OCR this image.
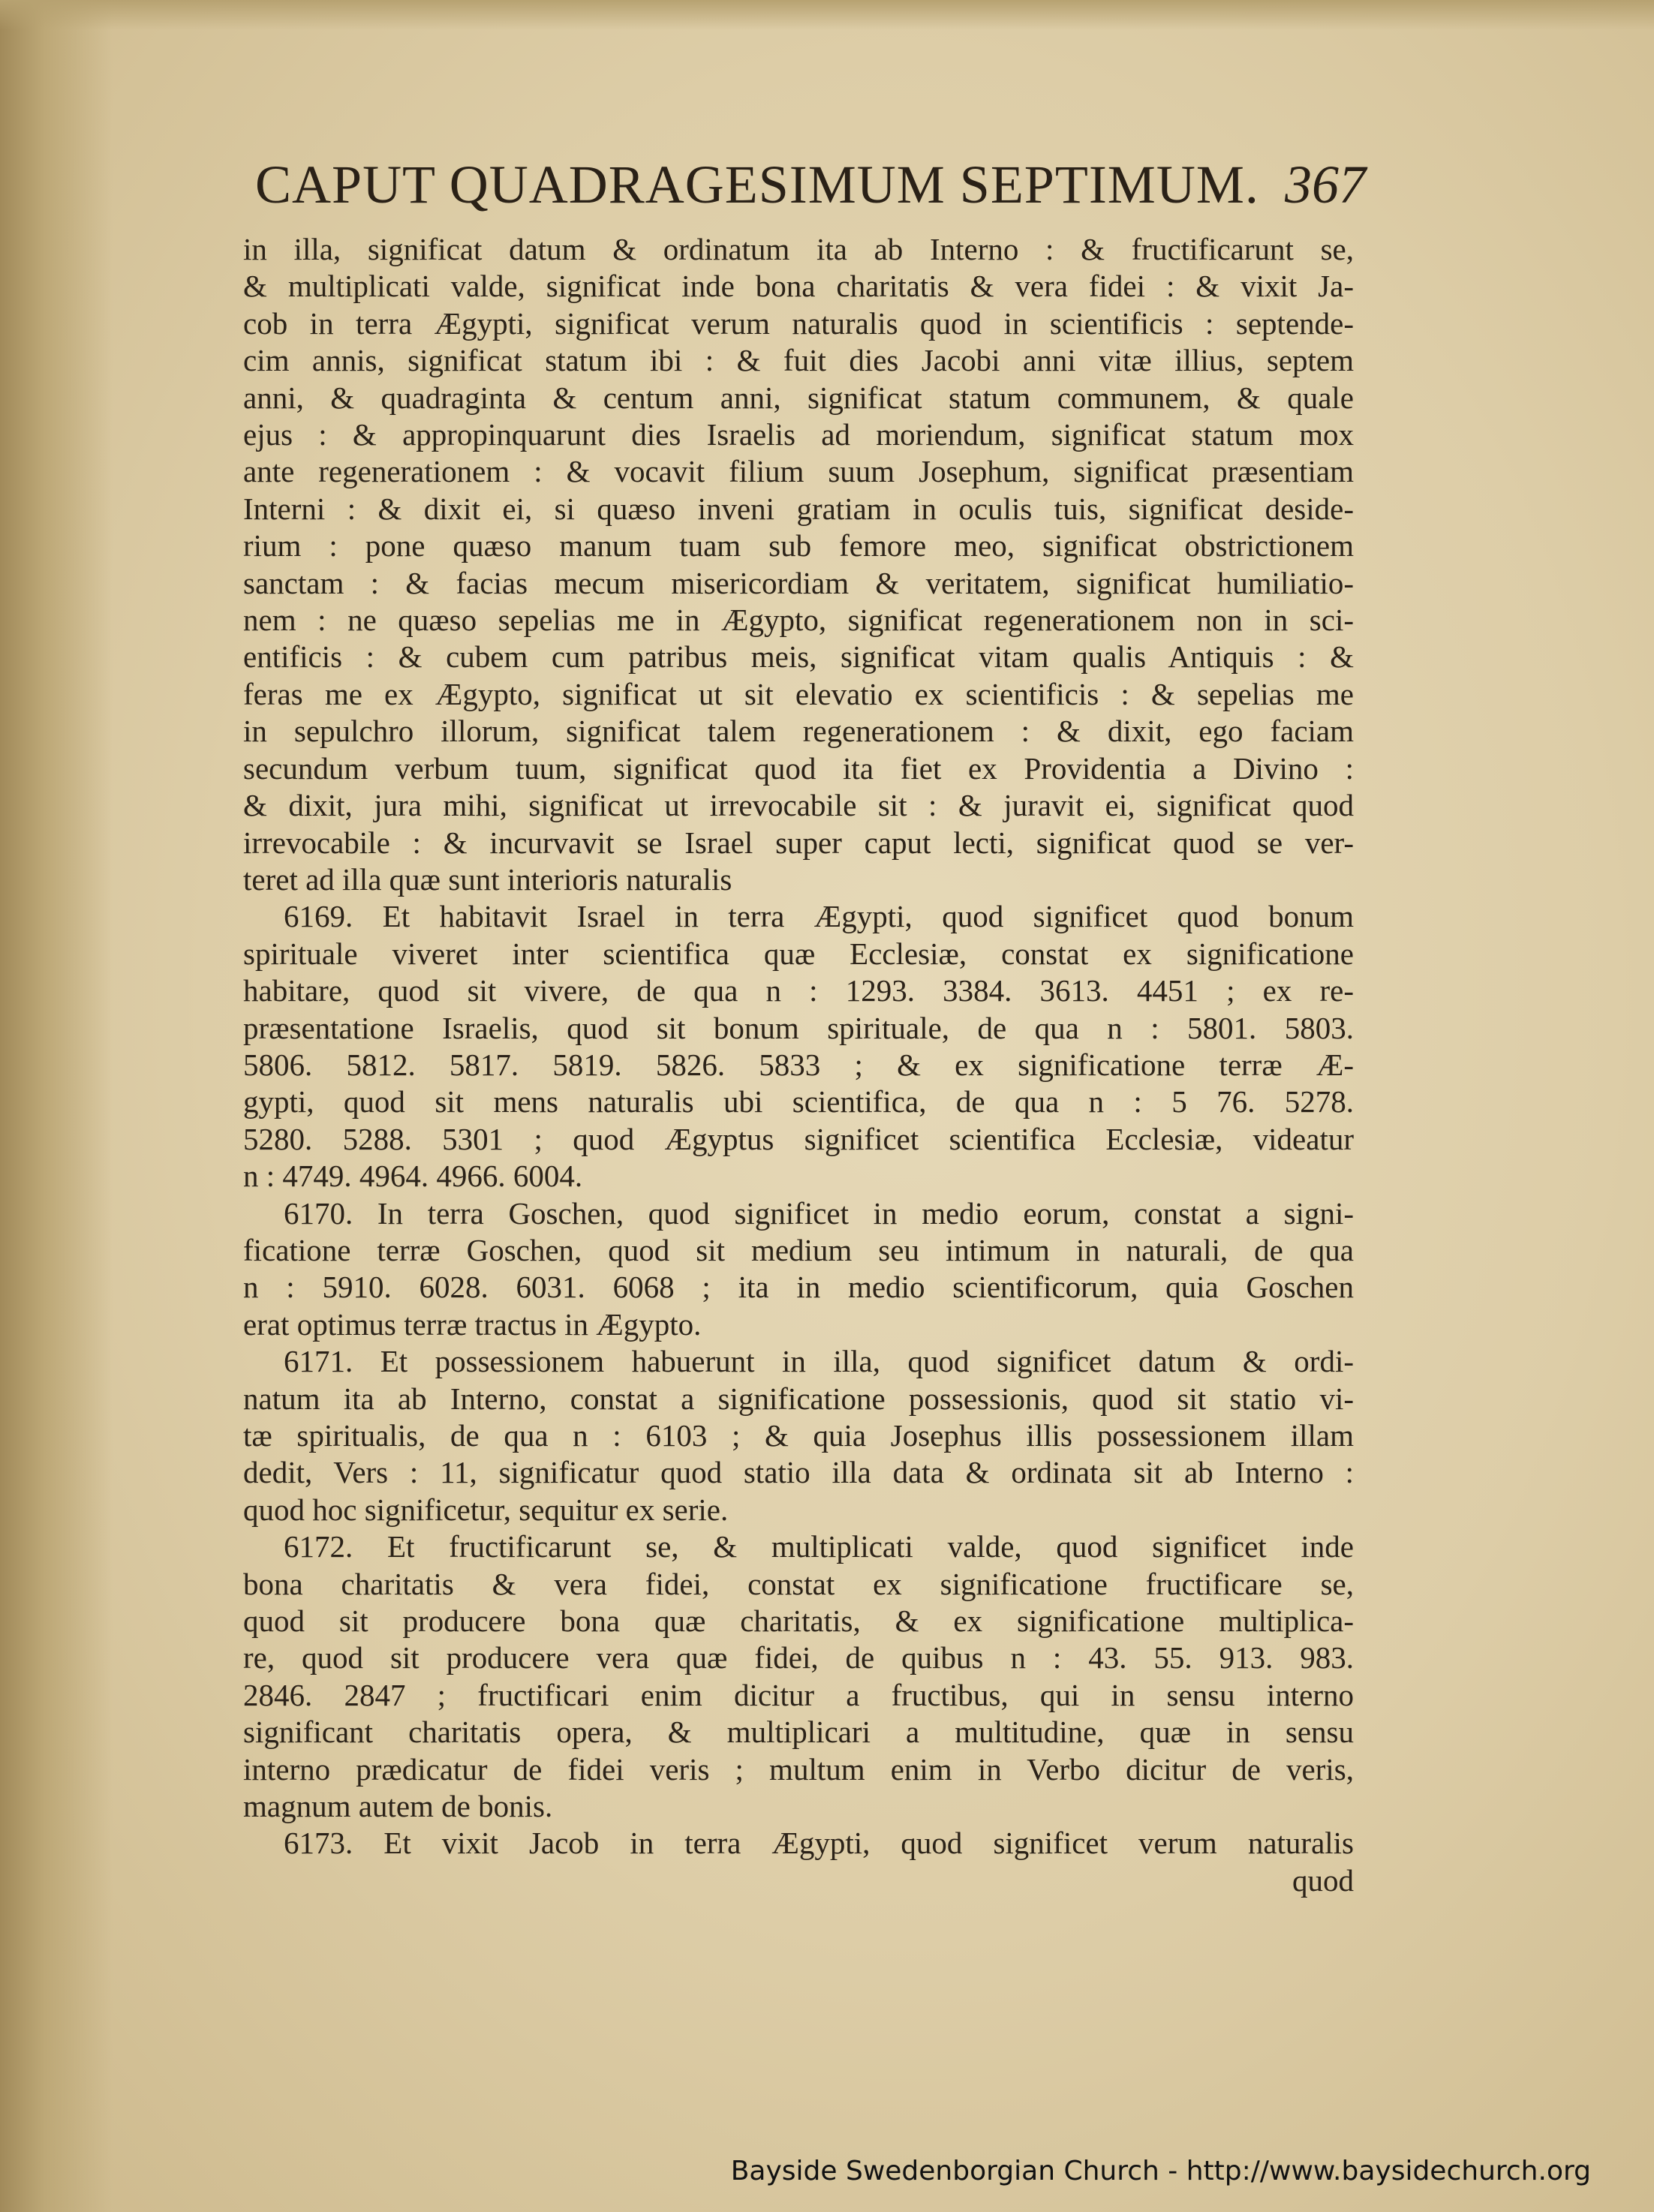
CAPUT QUADRAGESIMUM SEPTIMUM. 367
in illa, significat datum & ordinatum ita ab Interno : & fructificarunt se,
& multiplicati valde, significat inde bona charitatis & vera fidei : & vixit Ja-
cob in terra Ægypti, significat verum naturalis quod in scientificis : septende-
cim annis, significat statum ibi : & fuit dies Jacobi anni vitæ illius, septem
anni, & quadraginta & centum anni, significat statum communem, & quale
ejus : & appropinquarunt dies Israelis ad moriendum, significat statum mox
ante regenerationem : & vocavit filium suum Josephum, significat præsentiam
Interni : & dixit ei, si quæso inveni gratiam in oculis tuis, significat deside-
rium : pone quæso manum tuam sub femore meo, significat obstrictionem
sanctam : & facias mecum misericordiam & veritatem, significat humiliatio-
nem : ne quæso sepelias me in Ægypto, significat regenerationem non in sci-
entificis : & cubem cum patribus meis, significat vitam qualis Antiquis : &
feras me ex Ægypto, significat ut sit elevatio ex scientificis : & sepelias me
in sepulchro illorum, significat talem regenerationem : & dixit, ego faciam
secundum verbum tuum, significat quod ita fiet ex Providentia a Divino :
& dixit, jura mihi, significat ut irrevocabile sit : & juravit ei, significat quod
irrevocabile : & incurvavit se Israel super caput lecti, significat quod se ver-
teret ad illa quæ sunt interioris naturalis
6169. Et habitavit Israel in terra Ægypti, quod significet quod bonum
spirituale viveret inter scientifica quæ Ecclesiæ, constat ex significatione
habitare, quod sit vivere, de qua n : 1293. 3384. 3613. 4451 ; ex re-
præsentatione Israelis, quod sit bonum spirituale, de qua n : 5801. 5803.
5806. 5812. 5817. 5819. 5826. 5833 ; & ex significatione terræ Æ-
gypti, quod sit mens naturalis ubi scientifica, de qua n : 5 76. 5278.
5280. 5288. 5301 ; quod Ægyptus significet scientifica Ecclesiæ, videatur
n : 4749. 4964. 4966. 6004.
6170. In terra Goschen, quod significet in medio eorum, constat a signi-
ficatione terræ Goschen, quod sit medium seu intimum in naturali, de qua
n : 5910. 6028. 6031. 6068 ; ita in medio scientificorum, quia Goschen
erat optimus terræ tractus in Ægypto.
6171. Et possessionem habuerunt in illa, quod significet datum & ordi-
natum ita ab Interno, constat a significatione possessionis, quod sit statio vi-
tæ spiritualis, de qua n : 6103 ; & quia Josephus illis possessionem illam
dedit, Vers : 11, significatur quod statio illa data & ordinata sit ab Interno :
quod hoc significetur, sequitur ex serie.
6172. Et fructificarunt se, & multiplicati valde, quod significet inde
bona charitatis & vera fidei, constat ex significatione fructificare se,
quod sit producere bona quæ charitatis, & ex significatione multiplica-
re, quod sit producere vera quæ fidei, de quibus n : 43. 55. 913. 983.
2846. 2847 ; fructificari enim dicitur a fructibus, qui in sensu interno
significant charitatis opera, & multiplicari a multitudine, quæ in sensu
interno prædicatur de fidei veris ; multum enim in Verbo dicitur de veris,
magnum autem de bonis.
6173. Et vixit Jacob in terra Ægypti, quod significet verum naturalis
quod
Bayside Swedenborgian Church - http://www.baysidechurch.org
